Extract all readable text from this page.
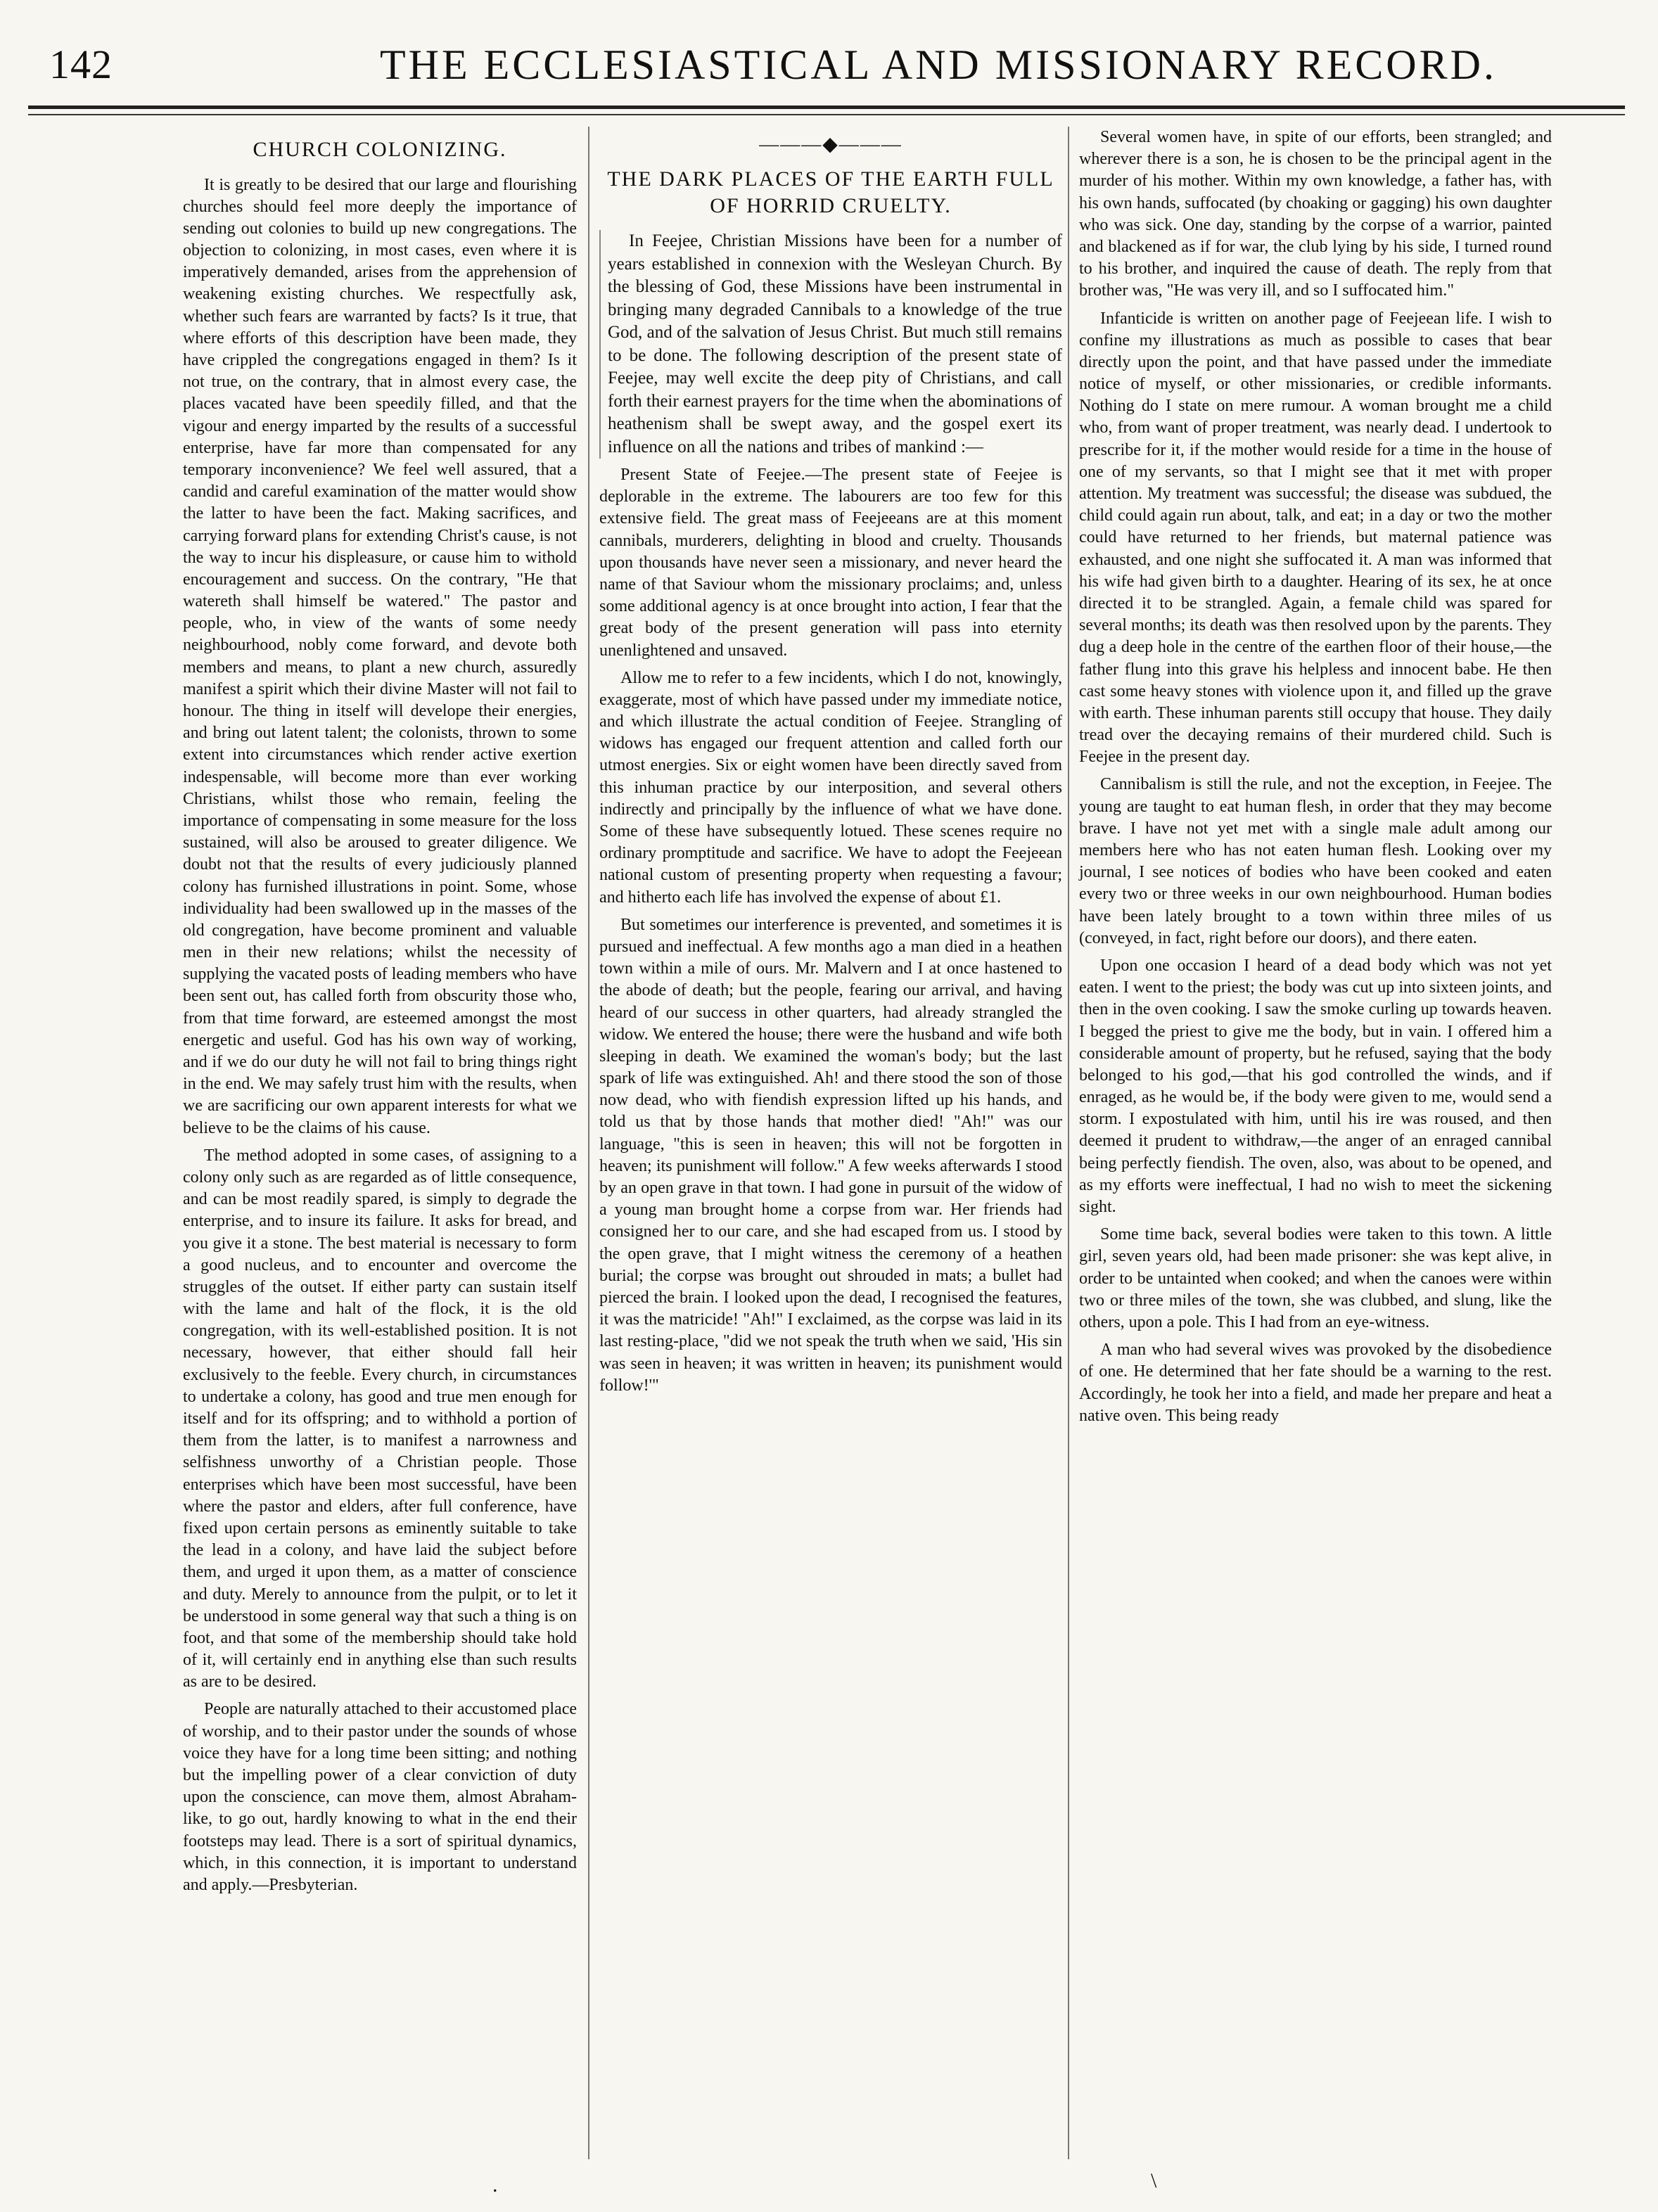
142	THE ECCLESIASTICAL AND MISSIONARY RECORD.
CHURCH COLONIZING.

It is greatly to be desired that our large and flourishing churches should feel more deeply the importance of sending out colonies to build up new congregations. The objection to colonizing, in most cases, even where it is imperatively demanded, arises from the apprehension of weakening existing churches. We respectfully ask, whether such fears are warranted by facts? Is it true, that where efforts of this description have been made, they have crippled the congregations engaged in them? Is it not true, on the contrary, that in almost every case, the places vacated have been speedily filled, and that the vigour and energy imparted by the results of a successful enterprise, have far more than compensated for any temporary inconvenience? We feel well assured, that a candid and careful examination of the matter would show the latter to have been the fact. Making sacrifices, and carrying forward plans for extending Christ's cause, is not the way to incur his displeasure, or cause him to withold encouragement and success. On the contrary, "He that watereth shall himself be watered." The pastor and people, who, in view of the wants of some needy neighbourhood, nobly come forward, and devote both members and means, to plant a new church, assuredly manifest a spirit which their divine Master will not fail to honour. The thing in itself will develope their energies, and bring out latent talent; the colonists, thrown to some extent into circumstances which render active exertion indespensable, will become more than ever working Christians, whilst those who remain, feeling the importance of compensating in some measure for the loss sustained, will also be aroused to greater diligence. We doubt not that the results of every judiciously planned colony has furnished illustrations in point. Some, whose individuality had been swallowed up in the masses of the old congregation, have become prominent and valuable men in their new relations; whilst the necessity of supplying the vacated posts of leading members who have been sent out, has called forth from obscurity those who, from that time forward, are esteemed amongst the most energetic and useful. God has his own way of working, and if we do our duty he will not fail to bring things right in the end. We may safely trust him with the results, when we are sacrificing our own apparent interests for what we believe to be the claims of his cause.

The method adopted in some cases, of assigning to a colony only such as are regarded as of little consequence, and can be most readily spared, is simply to degrade the enterprise, and to insure its failure. It asks for bread, and you give it a stone. The best material is necessary to form a good nucleus, and to encounter and overcome the struggles of the outset. If either party can sustain itself with the lame and halt of the flock, it is the old congregation, with its well-established position. It is not necessary, however, that either should fall heir exclusively to the feeble. Every church, in circumstances to undertake a colony, has good and true men enough for itself and for its offspring; and to withhold a portion of them from the latter, is to manifest a narrowness and selfishness unworthy of a Christian people. Those enterprises which have been most successful, have been where the pastor and elders, after full conference, have fixed upon certain persons as eminently suitable to take the lead in a colony, and have laid the subject before them, and urged it upon them, as a matter of conscience and duty. Merely to announce from the pulpit, or to let it be understood in some general way that such a thing is on foot, and that some of the membership should take hold of it, will certainly end in anything else than such results as are to be desired.

People are naturally attached to their accustomed place of worship, and to their pastor under the sounds of whose voice they have for a long time been sitting; and nothing but the impelling power of a clear conviction of duty upon the conscience, can move them, almost Abraham-like, to go out, hardly knowing to what in the end their footsteps may lead. There is a sort of spiritual dynamics, which, in this connection, it is important to understand and apply.—Presbyterian.

———◆———
THE DARK PLACES OF THE EARTH FULL OF HORRID CRUELTY.

In Feejee, Christian Missions have been for a number of years established in connexion with the Wesleyan Church. By the blessing of God, these Missions have been instrumental in bringing many degraded Cannibals to a knowledge of the true God, and of the salvation of Jesus Christ. But much still remains to be done. The following description of the present state of Feejee, may well excite the deep pity of Christians, and call forth their earnest prayers for the time when the abominations of heathenism shall be swept away, and the gospel exert its influence on all the nations and tribes of mankind :—

Present State of Feejee.—The present state of Feejee is deplorable in the extreme. The labourers are too few for this extensive field. The great mass of Feejeeans are at this moment cannibals, murderers, delighting in blood and cruelty. Thousands upon thousands have never seen a missionary, and never heard the name of that Saviour whom the missionary proclaims; and, unless some additional agency is at once brought into action, I fear that the great body of the present generation will pass into eternity unenlightened and unsaved.

Allow me to refer to a few incidents, which I do not, knowingly, exaggerate, most of which have passed under my immediate notice, and which illustrate the actual condition of Feejee. Strangling of widows has engaged our frequent attention and called forth our utmost energies. Six or eight women have been directly saved from this inhuman practice by our interposition, and several others indirectly and principally by the influence of what we have done. Some of these have subsequently lotued. These scenes require no ordinary promptitude and sacrifice. We have to adopt the Feejeean national custom of presenting property when requesting a favour; and hitherto each life has involved the expense of about £1.

But sometimes our interference is prevented, and sometimes it is pursued and ineffectual. A few months ago a man died in a heathen town within a mile of ours. Mr. Malvern and I at once hastened to the abode of death; but the people, fearing our arrival, and having heard of our success in other quarters, had already strangled the widow. We entered the house; there were the husband and wife both sleeping in death. We examined the woman's body; but the last spark of life was extinguished. Ah! and there stood the son of those now dead, who with fiendish expression lifted up his hands, and told us that by those hands that mother died! "Ah!" was our language, "this is seen in heaven; this will not be forgotten in heaven; its punishment will follow." A few weeks afterwards I stood by an open grave in that town. I had gone in pursuit of the widow of a young man brought home a corpse from war. Her friends had consigned her to our care, and she had escaped from us. I stood by the open grave, that I might witness the ceremony of a heathen burial; the corpse was brought out shrouded in mats; a bullet had pierced the brain. I looked upon the dead, I recognised the features, it was the matricide! "Ah!" I exclaimed, as the corpse was laid in its last resting-place, "did we not speak the truth when we said, 'His sin was seen in heaven; it was written in heaven; its punishment would follow!'"

Several women have, in spite of our efforts, been strangled; and wherever there is a son, he is chosen to be the principal agent in the murder of his mother. Within my own knowledge, a father has, with his own hands, suffocated (by choaking or gagging) his own daughter who was sick. One day, standing by the corpse of a warrior, painted and blackened as if for war, the club lying by his side, I turned round to his brother, and inquired the cause of death. The reply from that brother was, "He was very ill, and so I suffocated him."

Infanticide is written on another page of Feejeean life. I wish to confine my illustrations as much as possible to cases that bear directly upon the point, and that have passed under the immediate notice of myself, or other missionaries, or credible informants. Nothing do I state on mere rumour. A woman brought me a child who, from want of proper treatment, was nearly dead. I undertook to prescribe for it, if the mother would reside for a time in the house of one of my servants, so that I might see that it met with proper attention. My treatment was successful; the disease was subdued, the child could again run about, talk, and eat; in a day or two the mother could have returned to her friends, but maternal patience was exhausted, and one night she suffocated it. A man was informed that his wife had given birth to a daughter. Hearing of its sex, he at once directed it to be strangled. Again, a female child was spared for several months; its death was then resolved upon by the parents. They dug a deep hole in the centre of the earthen floor of their house,—the father flung into this grave his helpless and innocent babe. He then cast some heavy stones with violence upon it, and filled up the grave with earth. These inhuman parents still occupy that house. They daily tread over the decaying remains of their murdered child. Such is Feejee in the present day.

Cannibalism is still the rule, and not the exception, in Feejee. The young are taught to eat human flesh, in order that they may become brave. I have not yet met with a single male adult among our members here who has not eaten human flesh. Looking over my journal, I see notices of bodies who have been cooked and eaten every two or three weeks in our own neighbourhood. Human bodies have been lately brought to a town within three miles of us (conveyed, in fact, right before our doors), and there eaten.

Upon one occasion I heard of a dead body which was not yet eaten. I went to the priest; the body was cut up into sixteen joints, and then in the oven cooking. I saw the smoke curling up towards heaven. I begged the priest to give me the body, but in vain. I offered him a considerable amount of property, but he refused, saying that the body belonged to his god,—that his god controlled the winds, and if enraged, as he would be, if the body were given to me, would send a storm. I expostulated with him, until his ire was roused, and then deemed it prudent to withdraw,—the anger of an enraged cannibal being perfectly fiendish. The oven, also, was about to be opened, and as my efforts were ineffectual, I had no wish to meet the sickening sight.

Some time back, several bodies were taken to this town. A little girl, seven years old, had been made prisoner: she was kept alive, in order to be untainted when cooked; and when the canoes were within two or three miles of the town, she was clubbed, and slung, like the others, upon a pole. This I had from an eye-witness.

A man who had several wives was provoked by the disobedience of one. He determined that her fate should be a warning to the rest. Accordingly, he took her into a field, and made her prepare and heat a native oven. This being ready

.	\
